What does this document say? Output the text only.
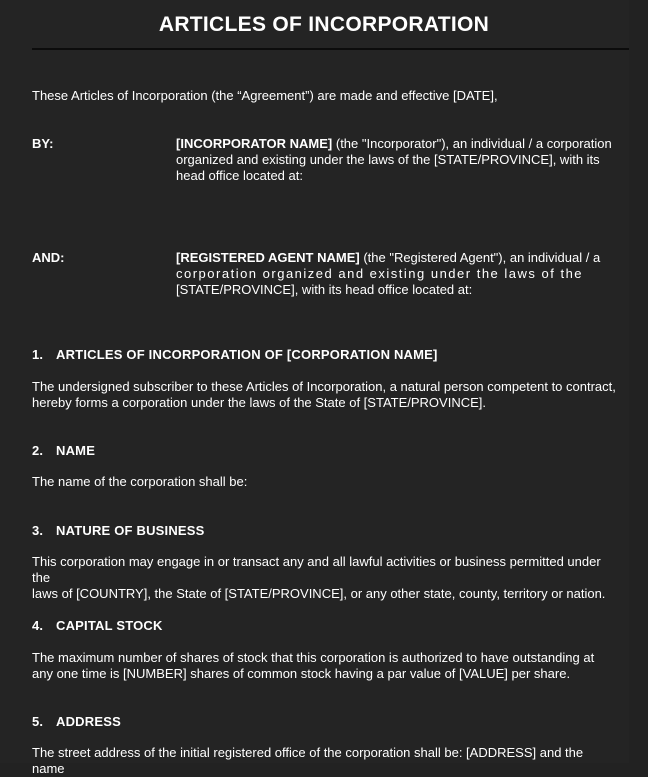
ARTICLES OF INCORPORATION

These Articles of Incorporation (the “Agreement”) are made and effective [DATE],

BY:	[INCORPORATOR NAME] (the "Incorporator"), an individual / a corporation
organized and existing under the laws of the [STATE/PROVINCE], with its
head office located at:
AND:	[REGISTERED AGENT NAME] (the "Registered Agent"), an individual / a
corporation organized and existing under the laws of the
[STATE/PROVINCE], with its head office located at:
1. ARTICLES OF INCORPORATION OF [CORPORATION NAME]
The undersigned subscriber to these Articles of Incorporation, a natural person competent to contract,
hereby forms a corporation under the laws of the State of [STATE/PROVINCE].
2. NAME
The name of the corporation shall be:
3. NATURE OF BUSINESS
This corporation may engage in or transact any and all lawful activities or business permitted under the
laws of [COUNTRY], the State of [STATE/PROVINCE], or any other state, county, territory or nation.
4. CAPITAL STOCK
The maximum number of shares of stock that this corporation is authorized to have outstanding at
any one time is [NUMBER] shares of common stock having a par value of [VALUE] per share.
5. ADDRESS
The street address of the initial registered office of the corporation shall be: [ADDRESS] and the name
